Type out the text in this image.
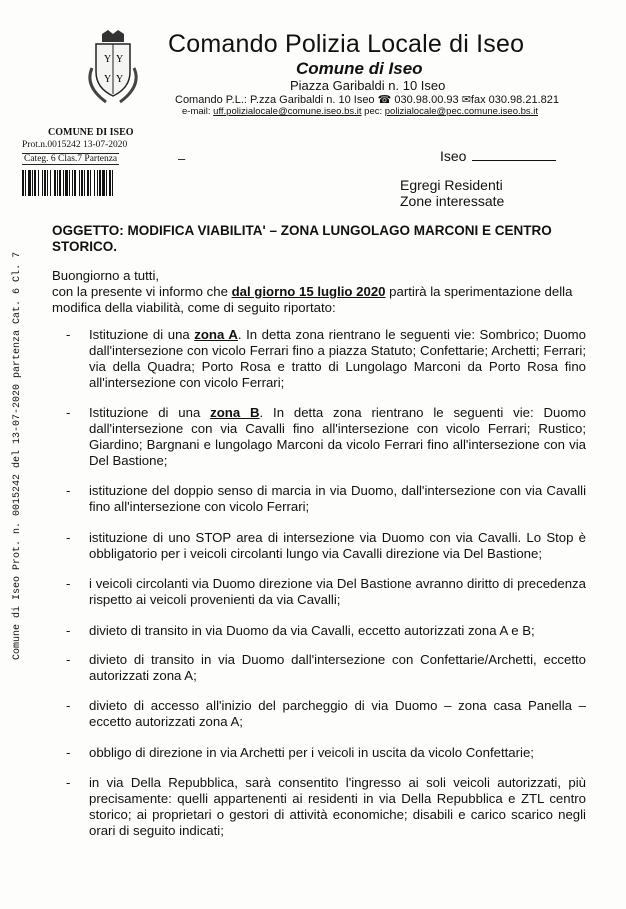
Y Y
Y Y
Comando Polizia Locale di Iseo
Comune di Iseo
Piazza Garibaldi n. 10 Iseo
Comando P.L.: P.zza Garibaldi n. 10 Iseo ☎ 030.98.00.93 ✉fax 030.98.21.821
e-mail: uff.polizialocale@comune.iseo.bs.it pec: polizialocale@pec.comune.iseo.bs.it
COMUNE DI ISEO
Prot.n.0015242 13-07-2020
Categ. 6 Clas.7 Partenza	–	Iseo
Egregi Residenti
Zone interessate
OGGETTO: MODIFICA VIABILITA' – ZONA LUNGOLAGO MARCONI E CENTRO STORICO.
Comune di Iseo Prot. n. 0015242 del 13-07-2020 partenza Cat. 6 Cl. 7 Buongiorno a tutti,

con la presente vi informo che dal giorno 15 luglio 2020 partirà la sperimentazione della modifica della viabilità, come di seguito riportato:

- Istituzione di una zona A. In detta zona rientrano le seguenti vie: Sombrico; Duomo dall'intersezione con vicolo Ferrari fino a piazza Statuto; Confettarie; Archetti; Ferrari; via della Quadra; Porto Rosa e tratto di Lungolago Marconi da Porto Rosa fino all'intersezione con vicolo Ferrari;
- Istituzione di una zona B. In detta zona rientrano le seguenti vie: Duomo dall'intersezione con via Cavalli fino all'intersezione con vicolo Ferrari; Rustico; Giardino; Bargnani e lungolago Marconi da vicolo Ferrari fino all'intersezione con via Del Bastione;
- istituzione del doppio senso di marcia in via Duomo, dall'intersezione con via Cavalli fino all'intersezione con vicolo Ferrari;
- istituzione di uno STOP area di intersezione via Duomo con via Cavalli. Lo Stop è obbligatorio per i veicoli circolanti lungo via Cavalli direzione via Del Bastione;
- i veicoli circolanti via Duomo direzione via Del Bastione avranno diritto di precedenza rispetto ai veicoli provenienti da via Cavalli;
- divieto di transito in via Duomo da via Cavalli, eccetto autorizzati zona A e B;
- divieto di transito in via Duomo dall'intersezione con Confettarie/Archetti, eccetto autorizzati zona A;
- divieto di accesso all'inizio del parcheggio di via Duomo – zona casa Panella – eccetto autorizzati zona A;
- obbligo di direzione in via Archetti per i veicoli in uscita da vicolo Confettarie;
- in via Della Repubblica, sarà consentito l'ingresso ai soli veicoli autorizzati, più precisamente: quelli appartenenti ai residenti in via Della Repubblica e ZTL centro storico; ai proprietari o gestori di attività economiche; disabili e carico scarico negli orari di seguito indicati;
